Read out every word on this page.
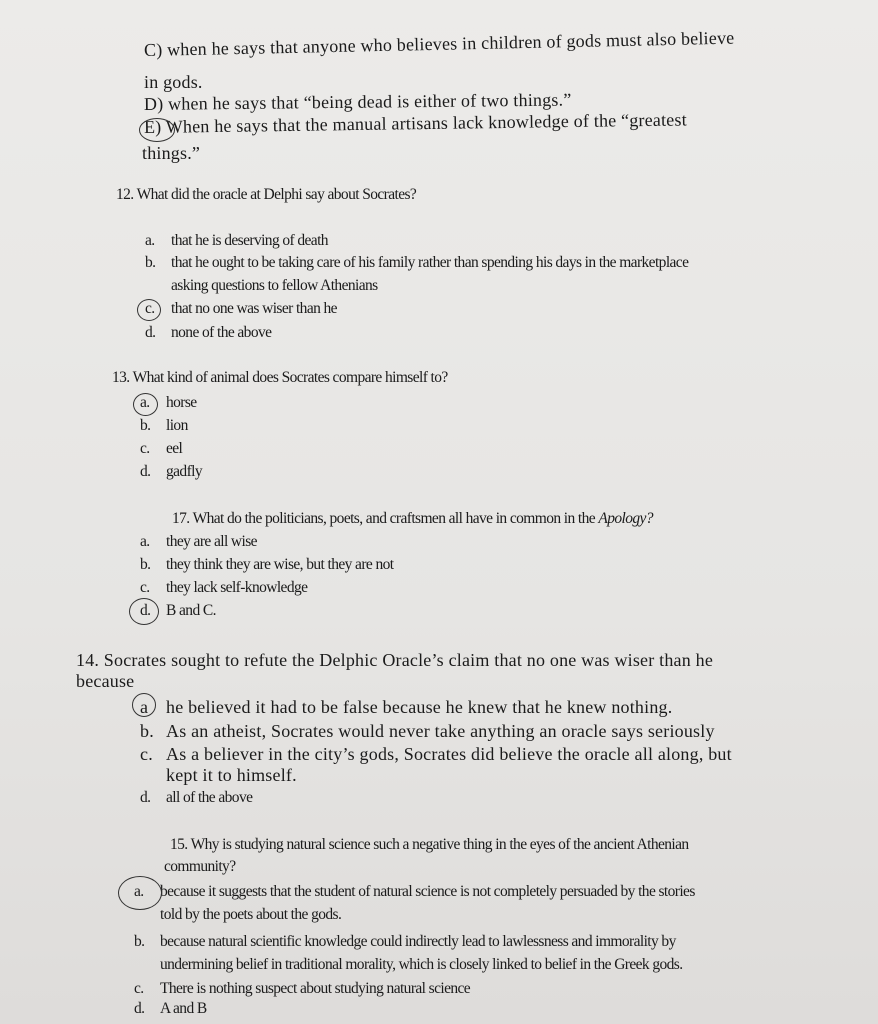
C) when he says that anyone who believes in children of gods must also believe
in gods.
D) when he says that “being dead is either of two things.”
E) When he says that the manual artisans lack knowledge of the “greatest
things.”
12. What did the oracle at Delphi say about Socrates?
a. that he is deserving of death
b. that he ought to be taking care of his family rather than spending his days in the marketplace
asking questions to fellow Athenians
c. that no one was wiser than he
d. none of the above
13. What kind of animal does Socrates compare himself to?
a. horse
b. lion
c. eel
d. gadfly
17. What do the politicians, poets, and craftsmen all have in common in the Apology?
a. they are all wise
b. they think they are wise, but they are not
c. they lack self-knowledge
d. B and C.
14. Socrates sought to refute the Delphic Oracle’s claim that no one was wiser than he
because
a he believed it had to be false because he knew that he knew nothing.
b. As an atheist, Socrates would never take anything an oracle says seriously
c. As a believer in the city’s gods, Socrates did believe the oracle all along, but
kept it to himself.
d. all of the above
15. Why is studying natural science such a negative thing in the eyes of the ancient Athenian
community?
a. because it suggests that the student of natural science is not completely persuaded by the stories
told by the poets about the gods.
b. because natural scientific knowledge could indirectly lead to lawlessness and immorality by
undermining belief in traditional morality, which is closely linked to belief in the Greek gods.
c. There is nothing suspect about studying natural science
d. A and B
